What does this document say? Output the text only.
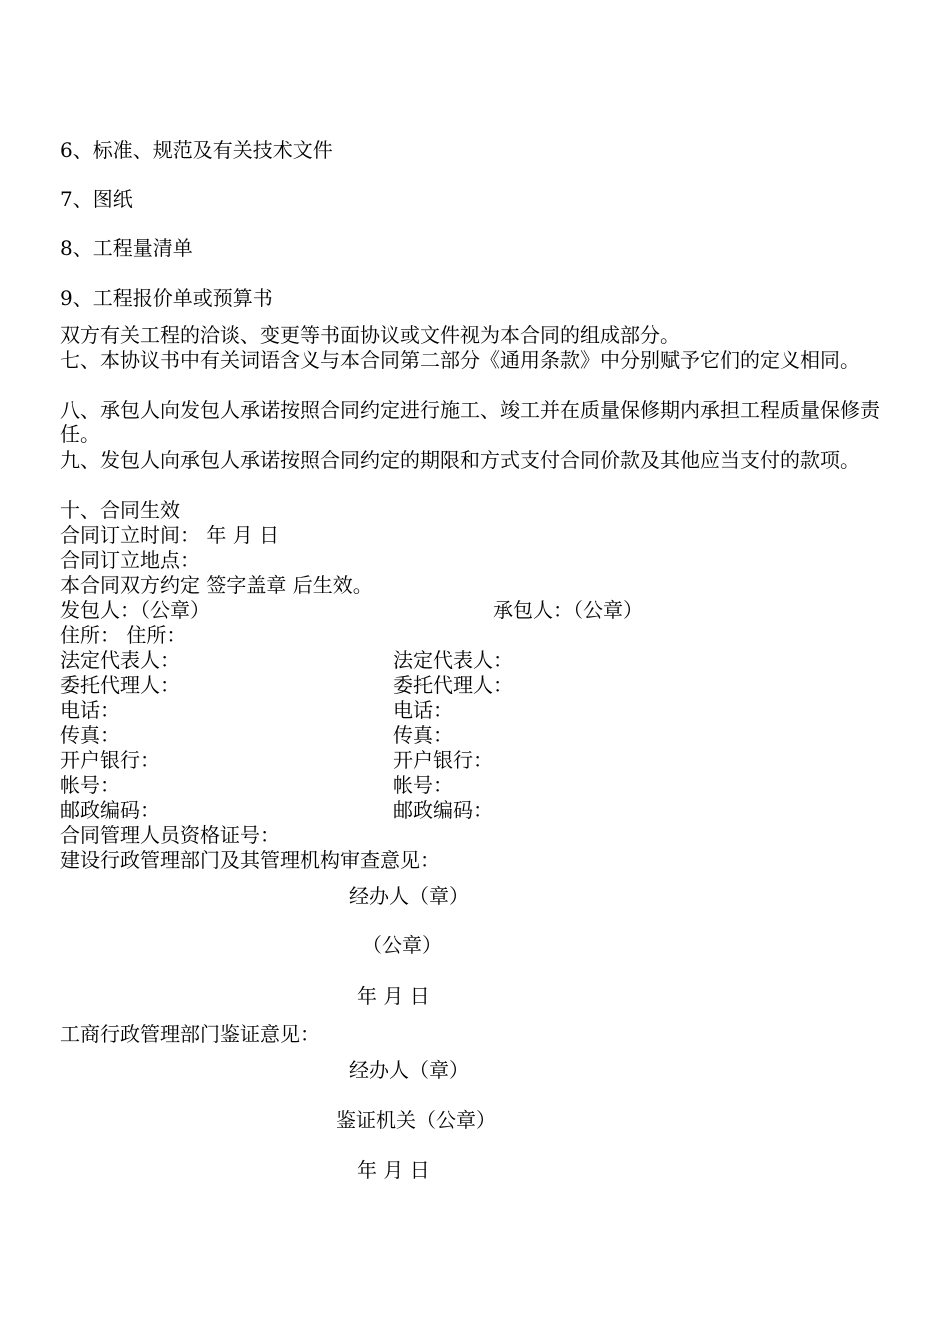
6、标准、规范及有关技术文件
7、图纸
8、工程量清单
9、工程报价单或预算书
双方有关工程的洽谈、变更等书面协议或文件视为本合同的组成部分。
七、本协议书中有关词语含义与本合同第二部分《通用条款》中分别赋予它们的定义相同。
八、承包人向发包人承诺按照合同约定进行施工、竣工并在质量保修期内承担工程质量保修责任。
九、发包人向承包人承诺按照合同约定的期限和方式支付合同价款及其他应当支付的款项。
十、合同生效
合同订立时间： 年 月 日
合同订立地点：
本合同双方约定 签字盖章 后生效。
发包人：（公章）	承包人：（公章）
住所： 住所：
法定代表人：	法定代表人：
委托代理人：	委托代理人：
电话：	电话：
传真：	传真：
开户银行：	开户银行：
帐号：	帐号：
邮政编码：	邮政编码：
合同管理人员资格证号：
建设行政管理部门及其管理机构审查意见：
经办人（章）
（公章）
年 月 日
工商行政管理部门鉴证意见：
经办人（章）
鉴证机关（公章）
年 月 日
